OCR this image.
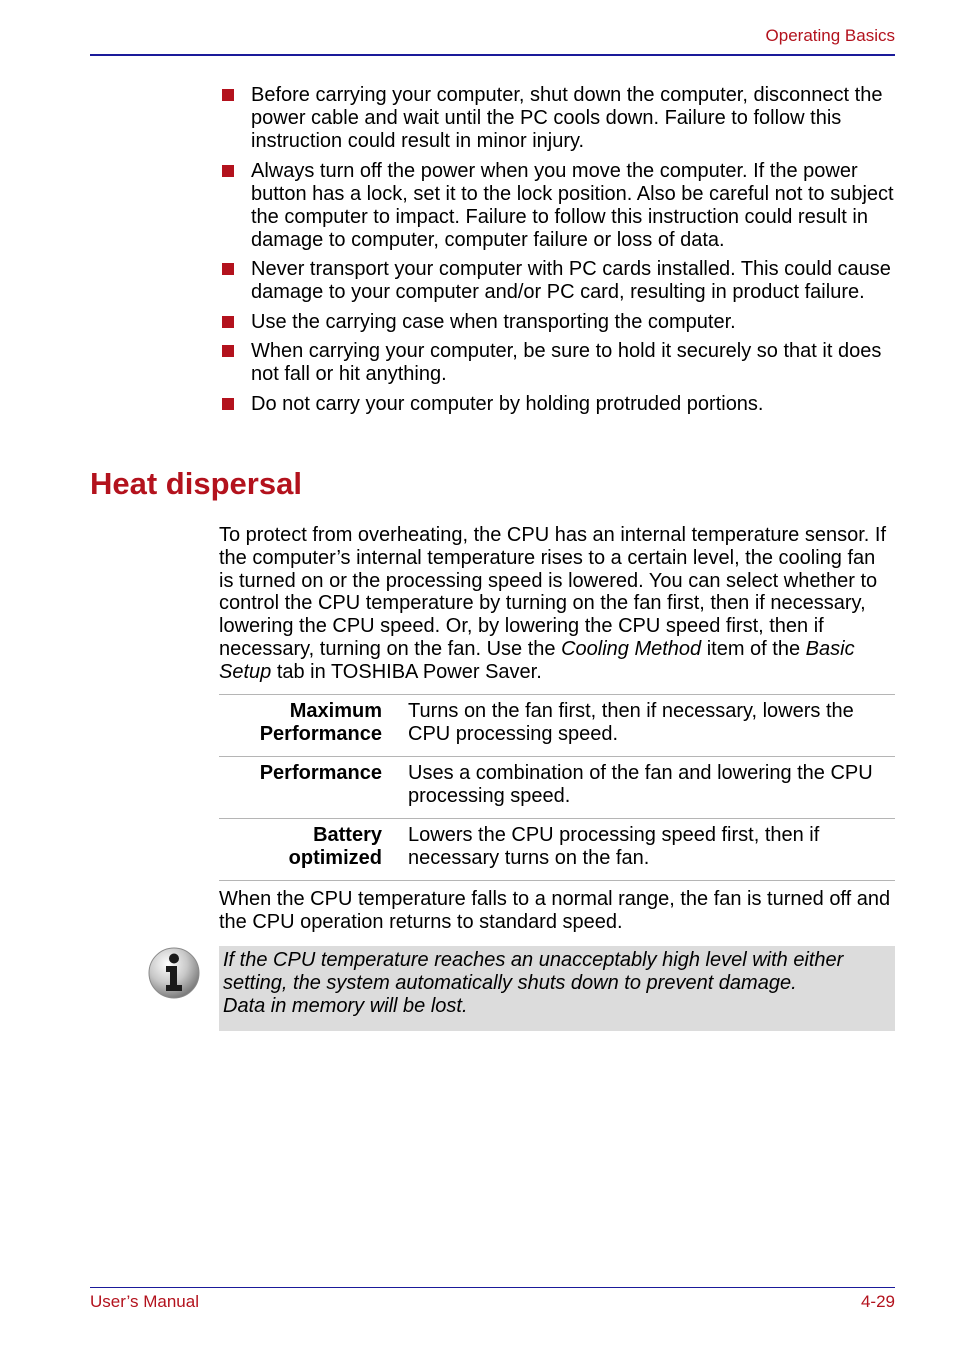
Operating Basics
Before carrying your computer, shut down the computer, disconnect the power cable and wait until the PC cools down. Failure to follow this instruction could result in minor injury.
Always turn off the power when you move the computer. If the power button has a lock, set it to the lock position. Also be careful not to subject the computer to impact. Failure to follow this instruction could result in damage to computer, computer failure or loss of data.
Never transport your computer with PC cards installed. This could cause damage to your computer and/or PC card, resulting in product failure.
Use the carrying case when transporting the computer.
When carrying your computer, be sure to hold it securely so that it does not fall or hit anything.
Do not carry your computer by holding protruded portions.
Heat dispersal

To protect from overheating, the CPU has an internal temperature sensor. If the computer’s internal temperature rises to a certain level, the cooling fan is turned on or the processing speed is lowered. You can select whether to control the CPU temperature by turning on the fan first, then if necessary, lowering the CPU speed. Or, by lowering the CPU speed first, then if necessary, turning on the fan. Use the Cooling Method item of the Basic Setup tab in TOSHIBA Power Saver.

Maximum
Performance	Turns on the fan first, then if necessary, lowers the CPU processing speed.
Performance	Uses a combination of the fan and lowering the CPU processing speed.
Battery
optimized	Lowers the CPU processing speed first, then if necessary turns on the fan.

When the CPU temperature falls to a normal range, the fan is turned off and the CPU operation returns to standard speed.

If the CPU temperature reaches an unacceptably high level with either
setting, the system automatically shuts down to prevent damage.
Data in memory will be lost.
User’s Manual	4-29
